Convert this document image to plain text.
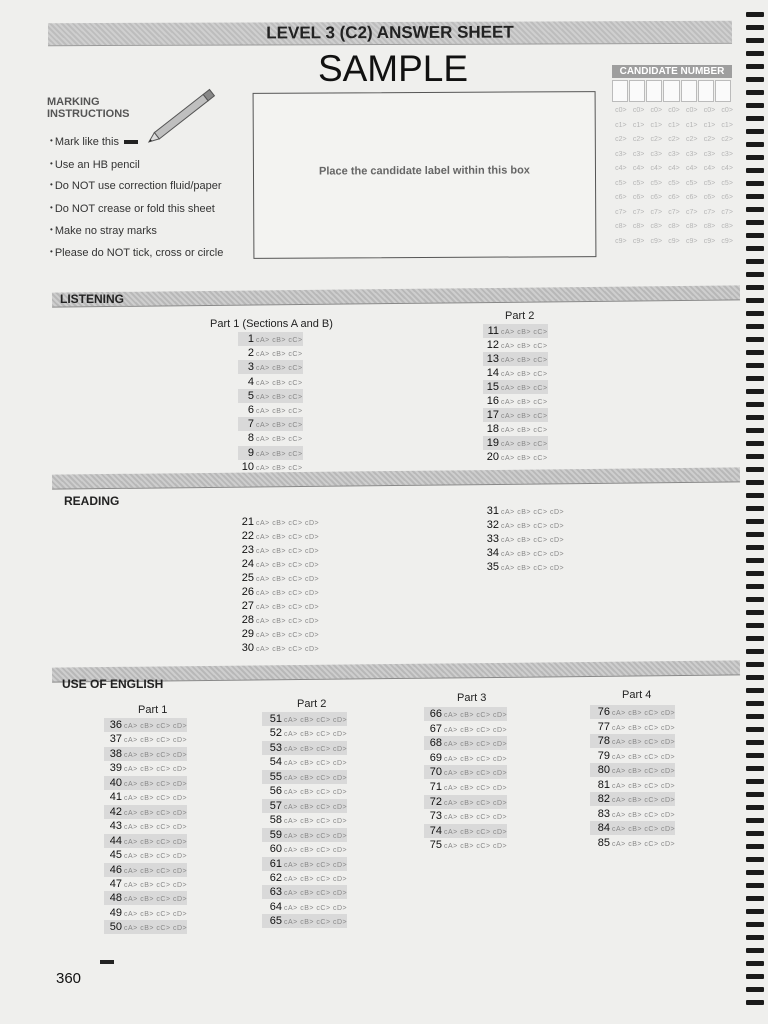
LEVEL 3 (C2) ANSWER SHEET
SAMPLE
MARKING
INSTRUCTIONS
• Mark like this
• Use an HB pencil
• Do NOT use correction fluid/paper
• Do NOT crease or fold this sheet
• Make no stray marks
• Please do NOT tick, cross or circle
Place the candidate label within this box
CANDIDATE NUMBER
c0> c0> c0> c0> c0> c0> c0>
c1> c1> c1> c1> c1> c1> c1>
c2> c2> c2> c2> c2> c2> c2>
c3> c3> c3> c3> c3> c3> c3>
c4> c4> c4> c4> c4> c4> c4>
c5> c5> c5> c5> c5> c5> c5>
c6> c6> c6> c6> c6> c6> c6>
c7> c7> c7> c7> c7> c7> c7>
c8> c8> c8> c8> c8> c8> c8>
c9> c9> c9> c9> c9> c9> c9>
LISTENING
Part 1 (Sections A and B)
Part 2
1 cA> cB> cC>
2 cA> cB> cC>
3 cA> cB> cC>
4 cA> cB> cC>
5 cA> cB> cC>
6 cA> cB> cC>
7 cA> cB> cC>
8 cA> cB> cC>
9 cA> cB> cC>
10 cA> cB> cC>
11 cA> cB> cC>
12 cA> cB> cC>
13 cA> cB> cC>
14 cA> cB> cC>
15 cA> cB> cC>
16 cA> cB> cC>
17 cA> cB> cC>
18 cA> cB> cC>
19 cA> cB> cC>
20 cA> cB> cC>
READING
21 cA> cB> cC> cD>
22 cA> cB> cC> cD>
23 cA> cB> cC> cD>
24 cA> cB> cC> cD>
25 cA> cB> cC> cD>
26 cA> cB> cC> cD>
27 cA> cB> cC> cD>
28 cA> cB> cC> cD>
29 cA> cB> cC> cD>
30 cA> cB> cC> cD>
31 cA> cB> cC> cD>
32 cA> cB> cC> cD>
33 cA> cB> cC> cD>
34 cA> cB> cC> cD>
35 cA> cB> cC> cD>
USE OF ENGLISH
Part 1	Part 2	Part 3	Part 4
36 cA> cB> cC> cD>
37 cA> cB> cC> cD>
38 cA> cB> cC> cD>
39 cA> cB> cC> cD>
40 cA> cB> cC> cD>
41 cA> cB> cC> cD>
42 cA> cB> cC> cD>
43 cA> cB> cC> cD>
44 cA> cB> cC> cD>
45 cA> cB> cC> cD>
46 cA> cB> cC> cD>
47 cA> cB> cC> cD>
48 cA> cB> cC> cD>
49 cA> cB> cC> cD>
50 cA> cB> cC> cD>
51 cA> cB> cC> cD>
52 cA> cB> cC> cD>
53 cA> cB> cC> cD>
54 cA> cB> cC> cD>
55 cA> cB> cC> cD>
56 cA> cB> cC> cD>
57 cA> cB> cC> cD>
58 cA> cB> cC> cD>
59 cA> cB> cC> cD>
60 cA> cB> cC> cD>
61 cA> cB> cC> cD>
62 cA> cB> cC> cD>
63 cA> cB> cC> cD>
64 cA> cB> cC> cD>
65 cA> cB> cC> cD>
66 cA> cB> cC> cD>
67 cA> cB> cC> cD>
68 cA> cB> cC> cD>
69 cA> cB> cC> cD>
70 cA> cB> cC> cD>
71 cA> cB> cC> cD>
72 cA> cB> cC> cD>
73 cA> cB> cC> cD>
74 cA> cB> cC> cD>
75 cA> cB> cC> cD>
76 cA> cB> cC> cD>
77 cA> cB> cC> cD>
78 cA> cB> cC> cD>
79 cA> cB> cC> cD>
80 cA> cB> cC> cD>
81 cA> cB> cC> cD>
82 cA> cB> cC> cD>
83 cA> cB> cC> cD>
84 cA> cB> cC> cD>
85 cA> cB> cC> cD>
360
